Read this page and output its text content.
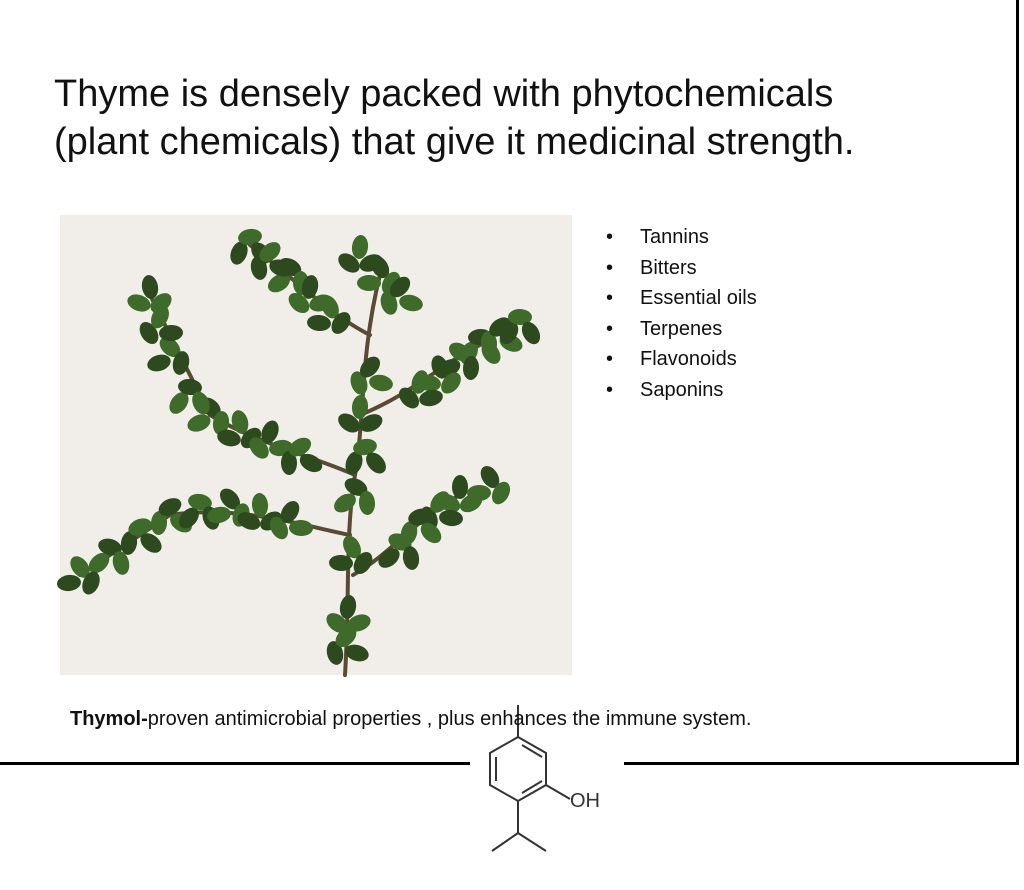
Thyme is densely packed with phytochemicals
(plant chemicals) that give it medicinal strength.
OH
• Tannins
• Bitters
• Essential oils
• Terpenes
• Flavonoids
• Saponins
Thymol-proven antimicrobial properties , plus enhances the immune system.
